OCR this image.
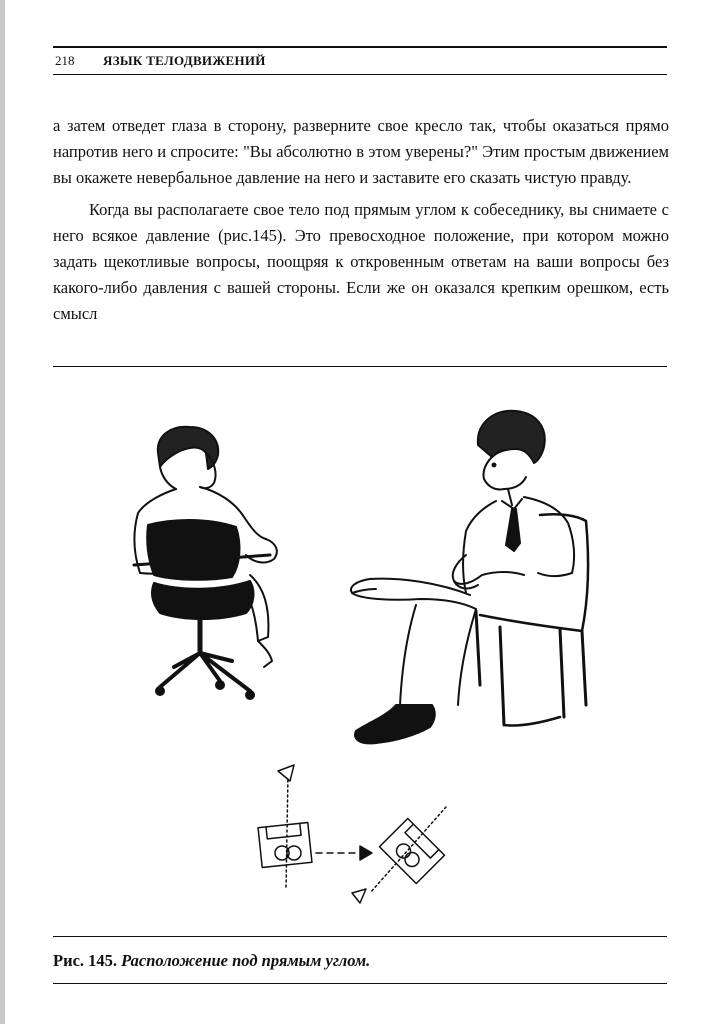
218 ЯЗЫК ТЕЛОДВИЖЕНИЙ

а затем отведет глаза в сторону, разверните свое кресло так, чтобы оказаться прямо напротив него и спросите: "Вы абсолютно в этом уверены?" Этим простым движением вы окажете невербальное давление на него и заставите его сказать чистую правду.

Когда вы располагаете свое тело под прямым углом к собеседнику, вы снимаете с него всякое давление (рис.145). Это превосходное положение, при котором можно задать щекотливые вопросы, поощряя к откровенным ответам на ваши вопросы без какого-либо давления с вашей стороны. Если же он оказался крепким орешком, есть смысл

Рис. 145. Расположение под прямым углом.
